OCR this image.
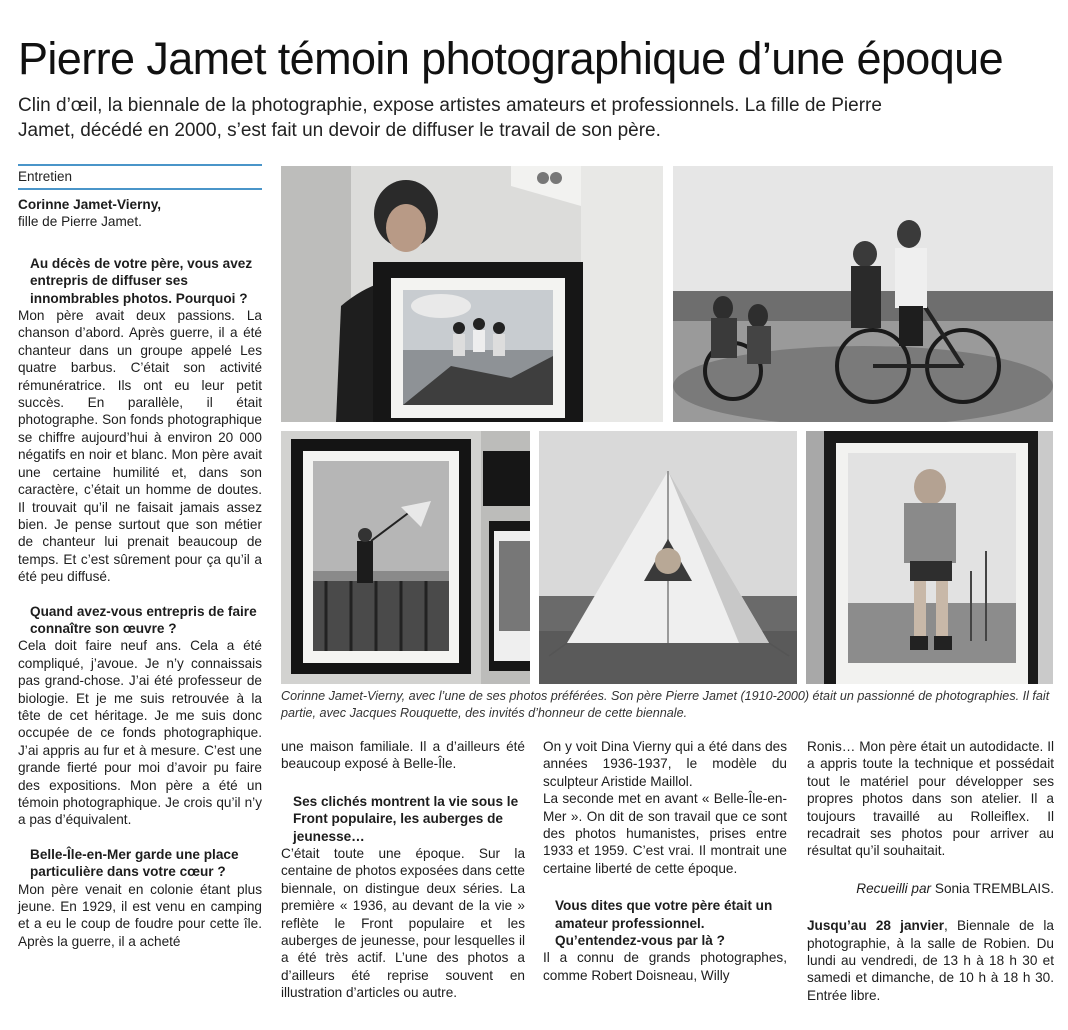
Pierre Jamet témoin photographique d’une époque

Clin d’œil, la biennale de la photographie, expose artistes amateurs et professionnels. La fille de Pierre Jamet, décédé en 2000, s’est fait un devoir de diffuser le travail de son père.

Entretien

Corinne Jamet-Vierny,

fille de Pierre Jamet.

Au décès de votre père, vous avez entrepris de diffuser ses innombrables photos. Pourquoi ?

Mon père avait deux passions. La chanson d’abord. Après guerre, il a été chanteur dans un groupe appelé Les quatre barbus. C’était son activité rémunératrice. Ils ont eu leur petit succès. En parallèle, il était photographe. Son fonds photographique se chiffre aujourd’hui à environ 20 000 négatifs en noir et blanc. Mon père avait une certaine humilité et, dans son caractère, c’était un homme de doutes. Il trouvait qu’il ne faisait jamais assez bien. Je pense surtout que son métier de chanteur lui prenait beaucoup de temps. Et c’est sûrement pour ça qu’il a été peu diffusé.

Quand avez-vous entrepris de faire connaître son œuvre ?

Cela doit faire neuf ans. Cela a été compliqué, j’avoue. Je n’y connaissais pas grand-chose. J’ai été professeur de biologie. Et je me suis retrouvée à la tête de cet héritage. Je me suis donc occupée de ce fonds photographique. J’ai appris au fur et à mesure. C’est une grande fierté pour moi d’avoir pu faire des expositions. Mon père a été un témoin photographique. Je crois qu’il n’y a pas d’équivalent.

Belle-Île-en-Mer garde une place particulière dans votre cœur ?

Mon père venait en colonie étant plus jeune. En 1929, il est venu en camping et a eu le coup de foudre pour cette île. Après la guerre, il a acheté

Corinne Jamet-Vierny, avec l’une de ses photos préférées. Son père Pierre Jamet (1910-2000) était un passionné de photographies. Il fait partie, avec Jacques Rouquette, des invités d’honneur de cette biennale.

une maison familiale. Il a d’ailleurs été beaucoup exposé à Belle-Île.

Ses clichés montrent la vie sous le Front populaire, les auberges de jeunesse…

C’était toute une époque. Sur la centaine de photos exposées dans cette biennale, on distingue deux séries. La première « 1936, au devant de la vie » reflète le Front populaire et les auberges de jeunesse, pour lesquelles il a été très actif. L’une des photos a d’ailleurs été reprise souvent en illustration d’articles ou autre.

On y voit Dina Vierny qui a été dans des années 1936-1937, le modèle du sculpteur Aristide Maillol.

La seconde met en avant « Belle-Île-en-Mer ». On dit de son travail que ce sont des photos humanistes, prises entre 1933 et 1959. C’est vrai. Il montrait une certaine liberté de cette époque.

Vous dites que votre père était un amateur professionnel. Qu’entendez-vous par là ?

Il a connu de grands photographes, comme Robert Doisneau, Willy

Ronis… Mon père était un autodidacte. Il a appris toute la technique et possédait tout le matériel pour développer ses propres photos dans son atelier. Il a toujours travaillé au Rolleiflex. Il recadrait ses photos pour arriver au résultat qu’il souhaitait.

Recueilli par Sonia TREMBLAIS.

Jusqu’au 28 janvier, Biennale de la photographie, à la salle de Robien. Du lundi au vendredi, de 13 h à 18 h 30 et samedi et dimanche, de 10 h à 18 h 30. Entrée libre.
